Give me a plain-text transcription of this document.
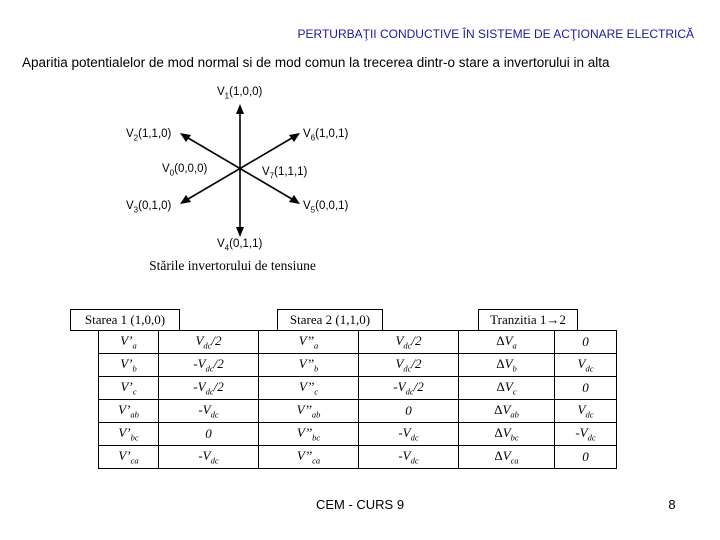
PERTURBAŢII CONDUCTIVE ÎN SISTEME DE ACŢIONARE ELECTRICĂ
Aparitia potentialelor de mod normal si de mod comun la trecerea dintr-o stare a invertorului in alta
$V_1(1,0,0)$
$V_2(1,1,0)$	$V_6(1,0,1)$
$V_0(0,0,0)$	$V_7(1,1,1)$
$V_3(0,1,0)$	$V_5(0,0,1)$
$V_4(0,1,1)$
Stările invertorului de tensiune
Starea 1 (1,0,0)	Starea 2 (1,1,0)	Tranzitia 1→2
$V’_a$	$V_{dc}/2$	$V’’_a$	$V_{dc}/2$	$\Delta V_a$	0
$V’_b$	$-V_{dc}/2$	$V’’_b$	$V_{dc}/2$	$\Delta V_b$	$V_{dc}$
$V’_c$	$-V_{dc}/2$	$V’’_c$	$-V_{dc}/2$	$\Delta V_c$	0
$V’_{ab}$	$-V_{dc}$	$V’’_{ab}$	0	$\Delta V_{ab}$	$V_{dc}$
$V’_{bc}$	0	$V’’_{bc}$	$-V_{dc}$	$\Delta V_{bc}$	$-V_{dc}$
$V’_{ca}$	$-V_{dc}$	$V’’_{ca}$	$-V_{dc}$	$\Delta V_{ca}$	0
CEM - CURS 9	8
